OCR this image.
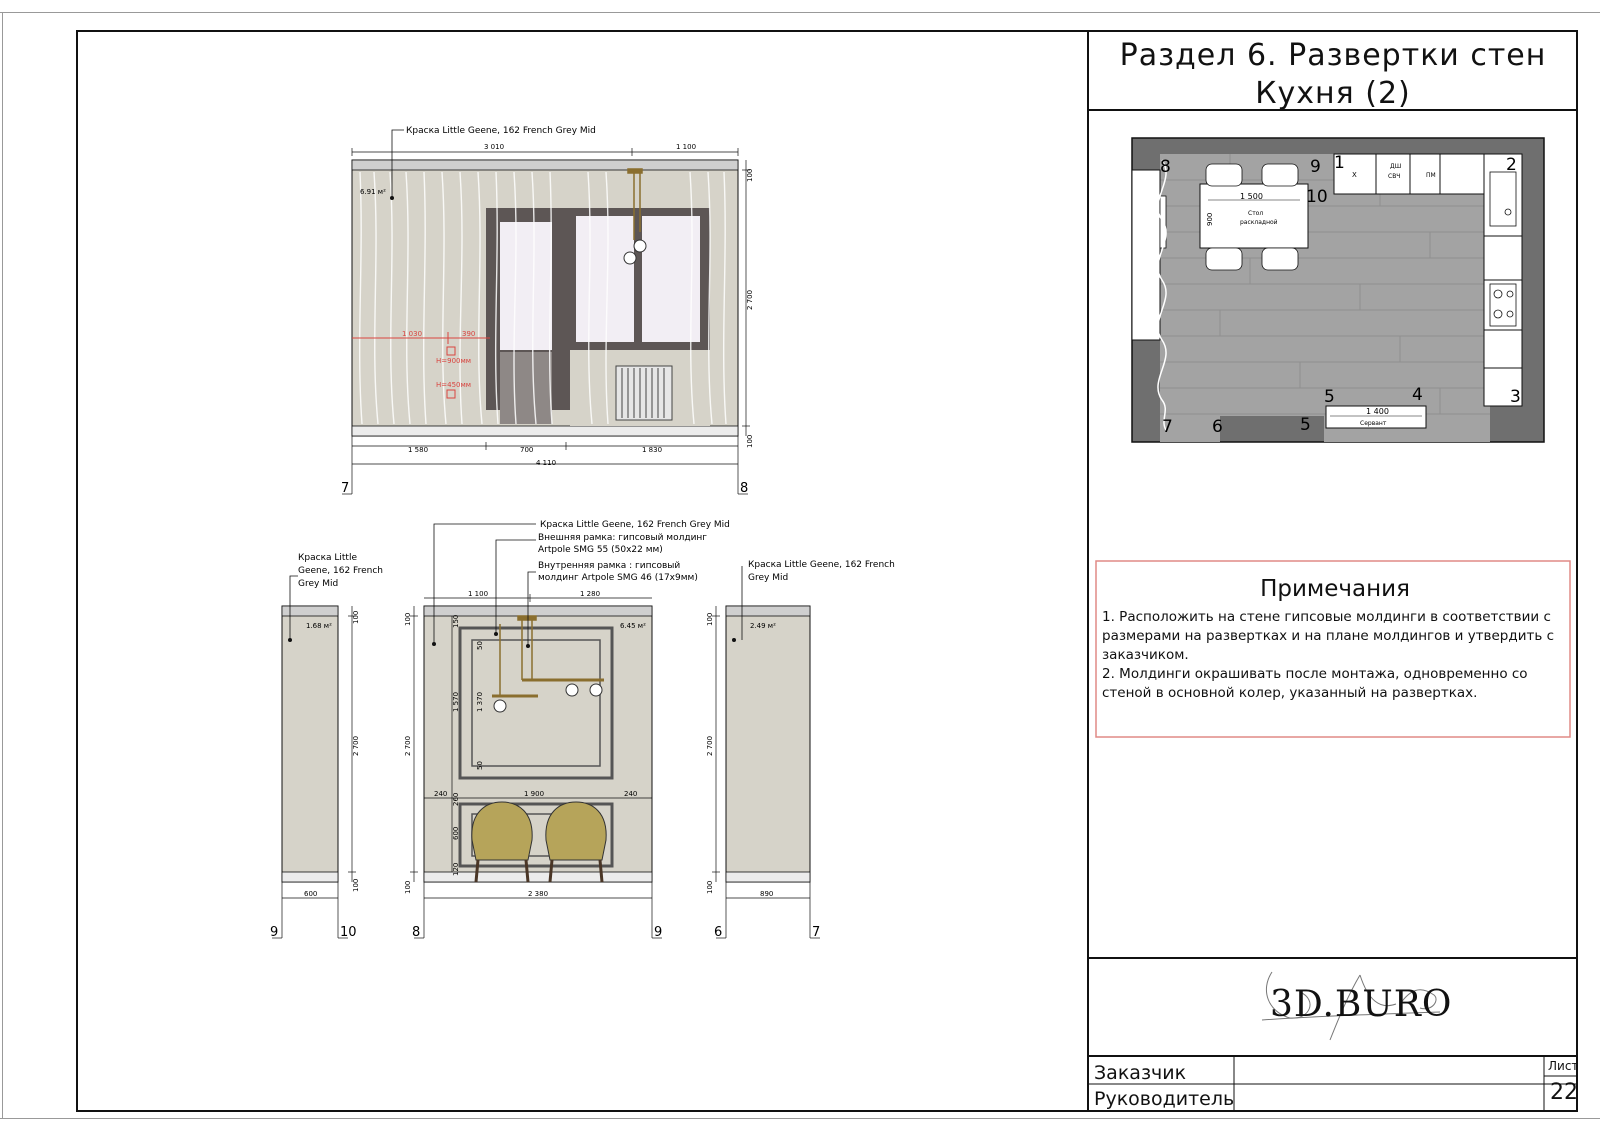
1 030	390
H=900мм
H=450мм
6.91 м²
Краска Little Geene, 162 French Grey Mid
3 010	1 100
100
2 700
100
1 580	700	1 830
4 110
7	8
Краска Little
Geene, 162 French
Grey Mid
1.68 м²
100
2 700
100
600
9	10
Краска Little Geene, 162 French Grey Mid
Внешняя рамка: гипсовый молдинг
Artpole SMG 55 (50x22 мм)
Внутренняя рамка : гипсовый
молдинг Artpole SMG 46 (17x9мм)
6.45 м²
1 100	1 280
100
2 700
100
150
50
1 570 1 370
50
260
600
120
240	1 900	240
2 380
8	9
Краска Little Geene, 162 French
Grey Mid
2.49 м²
100
2 700
100	890
6	7
Х
ДШ
СВЧ	ПМ
1 500
900	Стол
раскладной
1 400
Сервант
1	2
3
4
5
5
6
7
8	9
10
Раздел 6. Развертки стен
Кухня (2)
Примечания
1. Расположить на стене гипсовые молдинги в соответствии с размерами на развертках и на плане молдингов и утвердить с заказчиком.
2. Молдинги окрашивать после монтажа, одновременно со стеной в основной колер, указанный на развертках.
3D.BURO
Заказчик
Руководитель
Лист
22
